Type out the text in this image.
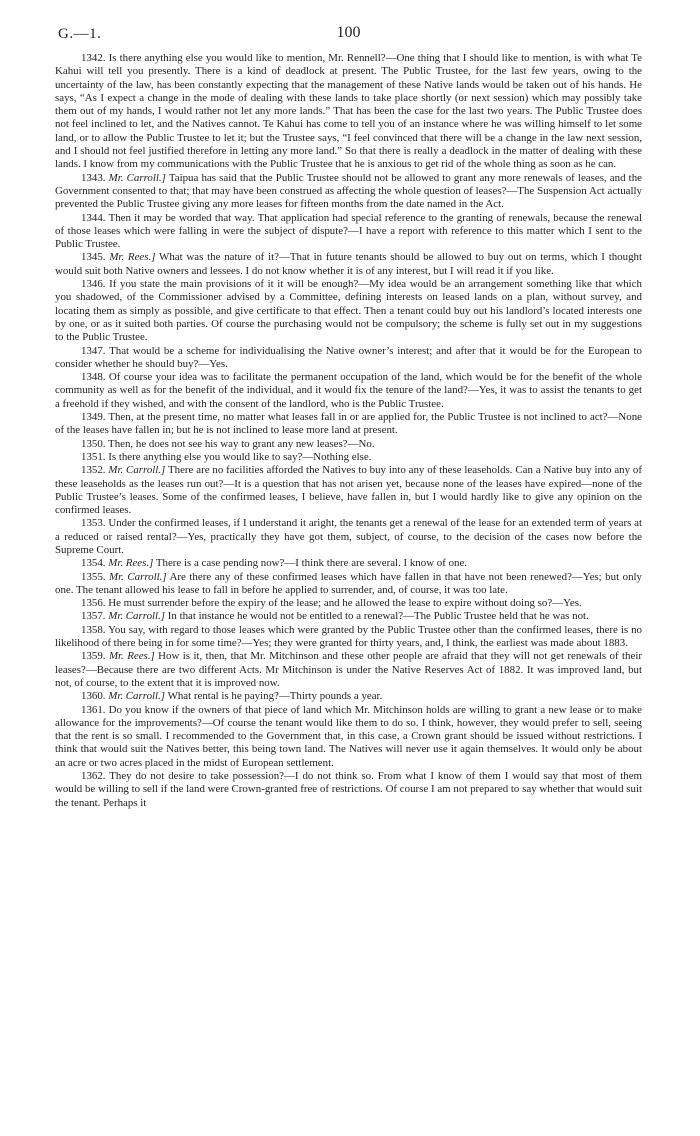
G.—1.	100

1342. Is there anything else you would like to mention, Mr. Rennell?—One thing that I should like to mention, is with what Te Kahui will tell you presently. There is a kind of deadlock at present. The Public Trustee, for the last few years, owing to the uncertainty of the law, has been constantly expecting that the management of these Native lands would be taken out of his hands. He says, “As I expect a change in the mode of dealing with these lands to take place shortly (or next session) which may possibly take them out of my hands, I would rather not let any more lands.” That has been the case for the last two years. The Public Trustee does not feel inclined to let, and the Natives cannot. Te Kahui has come to tell you of an instance where he was willing himself to let some land, or to allow the Public Trustee to let it; but the Trustee says, “I feel convinced that there will be a change in the law next session, and I should not feel justified therefore in letting any more land.” So that there is really a deadlock in the matter of dealing with these lands. I know from my communications with the Public Trustee that he is anxious to get rid of the whole thing as soon as he can.

1343. Mr. Carroll.] Taipua has said that the Public Trustee should not be allowed to grant any more renewals of leases, and the Government consented to that; that may have been construed as affecting the whole question of leases?—The Suspension Act actually prevented the Public Trustee giving any more leases for fifteen months from the date named in the Act.

1344. Then it may be worded that way. That application had special reference to the granting of renewals, because the renewal of those leases which were falling in were the subject of dispute?—I have a report with reference to this matter which I sent to the Public Trustee.

1345. Mr. Rees.] What was the nature of it?—That in future tenants should be allowed to buy out on terms, which I thought would suit both Native owners and lessees. I do not know whether it is of any interest, but I will read it if you like.

1346. If you state the main provisions of it it will be enough?—My idea would be an arrangement something like that which you shadowed, of the Commissioner advised by a Committee, defining interests on leased lands on a plan, without survey, and locating them as simply as possible, and give certificate to that effect. Then a tenant could buy out his landlord’s located interests one by one, or as it suited both parties. Of course the purchasing would not be compulsory; the scheme is fully set out in my suggestions to the Public Trustee.

1347. That would be a scheme for individualising the Native owner’s interest; and after that it would be for the European to consider whether he should buy?—Yes.

1348. Of course your idea was to facilitate the permanent occupation of the land, which would be for the benefit of the whole community as well as for the benefit of the individual, and it would fix the tenure of the land?—Yes, it was to assist the tenants to get a freehold if they wished, and with the consent of the landlord, who is the Public Trustee.

1349. Then, at the present time, no matter what leases fall in or are applied for, the Public Trustee is not inclined to act?—None of the leases have fallen in; but he is not inclined to lease more land at present.

1350. Then, he does not see his way to grant any new leases?—No.

1351. Is there anything else you would like to say?—Nothing else.

1352. Mr. Carroll.] There are no facilities afforded the Natives to buy into any of these leaseholds. Can a Native buy into any of these leaseholds as the leases run out?—It is a question that has not arisen yet, because none of the leases have expired—none of the Public Trustee’s leases. Some of the confirmed leases, I believe, have fallen in, but I would hardly like to give any opinion on the confirmed leases.

1353. Under the confirmed leases, if I understand it aright, the tenants get a renewal of the lease for an extended term of years at a reduced or raised rental?—Yes, practically they have got them, subject, of course, to the decision of the cases now before the Supreme Court.

1354. Mr. Rees.] There is a case pending now?—I think there are several. I know of one.

1355. Mr. Carroll.] Are there any of these confirmed leases which have fallen in that have not been renewed?—Yes; but only one. The tenant allowed his lease to fall in before he applied to surrender, and, of course, it was too late.

1356. He must surrender before the expiry of the lease; and he allowed the lease to expire without doing so?—Yes.

1357. Mr. Carroll.] In that instance he would not be entitled to a renewal?—The Public Trustee held that he was not.

1358. You say, with regard to those leases which were granted by the Public Trustee other than the confirmed leases, there is no likelihood of there being in for some time?—Yes; they were granted for thirty years, and, I think, the earliest was made about 1883.

1359. Mr. Rees.] How is it, then, that Mr. Mitchinson and these other people are afraid that they will not get renewals of their leases?—Because there are two different Acts. Mr Mitchinson is under the Native Reserves Act of 1882. It was improved land, but not, of course, to the extent that it is improved now.

1360. Mr. Carroll.] What rental is he paying?—Thirty pounds a year.

1361. Do you know if the owners of that piece of land which Mr. Mitchinson holds are willing to grant a new lease or to make allowance for the improvements?—Of course the tenant would like them to do so. I think, however, they would prefer to sell, seeing that the rent is so small. I recommended to the Government that, in this case, a Crown grant should be issued without restrictions. I think that would suit the Natives better, this being town land. The Natives will never use it again themselves. It would only be about an acre or two acres placed in the midst of European settlement.

1362. They do not desire to take possession?—I do not think so. From what I know of them I would say that most of them would be willing to sell if the land were Crown-granted free of restrictions. Of course I am not prepared to say whether that would suit the tenant. Perhaps it
